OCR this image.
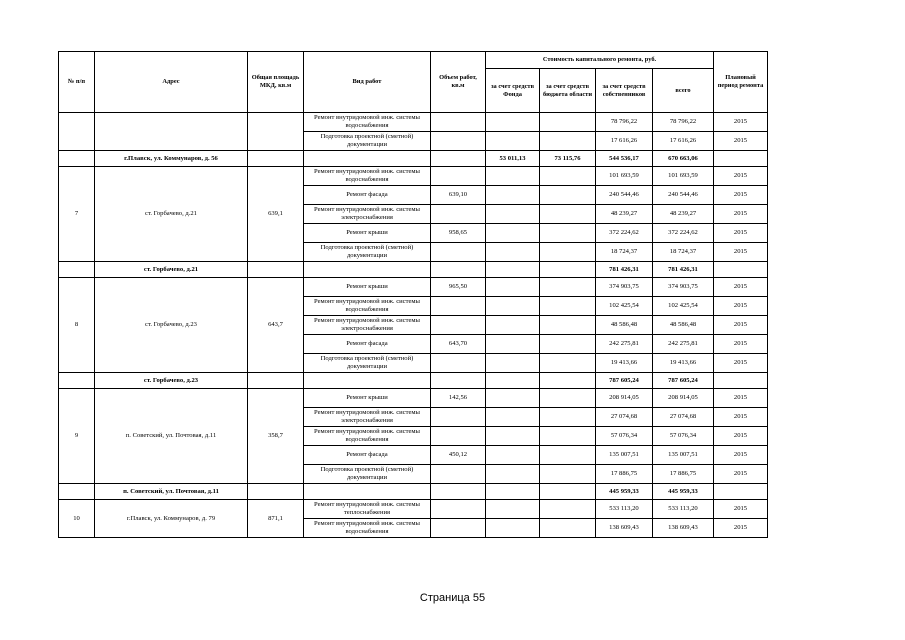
№ п/п	Адрес	Общая площадь МКД, кв.м	Вид работ	Объем работ, кв.м	Стоимость капитального ремонта, руб.				Плановый период ремонта
					за счет средств Фонда	за счет средств бюджета области	за счет средств собственников	всего	
			Ремонт внутридомовой инж. системы водоснабжения				78 796,22	78 796,22	2015
			Подготовка проектной (сметной) документации				17 616,26	17 616,26	2015
	г.Плавск, ул. Коммунаров, д. 56				53 011,13	73 115,76	544 536,17	670 663,06	
7	ст. Горбачево, д.21	639,1	Ремонт внутридомовой инж. системы водоснабжения				101 693,59	101 693,59	2015
			Ремонт фасада	639,10			240 544,46	240 544,46	2015
			Ремонт внутридомовой инж. системы электроснабжения				48 239,27	48 239,27	2015
			Ремонт крыши	958,65			372 224,62	372 224,62	2015
			Подготовка проектной (сметной) документации				18 724,37	18 724,37	2015
	ст. Горбачево, д.21						781 426,31	781 426,31	
8	ст. Горбачево, д.23	643,7	Ремонт крыши	965,50			374 903,75	374 903,75	2015
			Ремонт внутридомовой инж. системы водоснабжения				102 425,54	102 425,54	2015
			Ремонт внутридомовой инж. системы электроснабжения				48 586,48	48 586,48	2015
			Ремонт фасада	643,70			242 275,81	242 275,81	2015
			Подготовка проектной (сметной) документации				19 413,66	19 413,66	2015
	ст. Горбачево, д.23						787 605,24	787 605,24	
9	п. Советский, ул. Почтовая, д.11	358,7	Ремонт крыши	142,56			208 914,05	208 914,05	2015
			Ремонт внутридомовой инж. системы электроснабжения				27 074,68	27 074,68	2015
			Ремонт внутридомовой инж. системы водоснабжения				57 076,34	57 076,34	2015
			Ремонт фасада	450,12			135 007,51	135 007,51	2015
			Подготовка проектной (сметной) документации				17 886,75	17 886,75	2015
	п. Советский, ул. Почтовая, д.11						445 959,33	445 959,33	
10	г.Плавск, ул. Коммунаров, д. 79	871,1	Ремонт внутридомовой инж. системы теплоснабжения				533 113,20	533 113,20	2015
			Ремонт внутридомовой инж. системы водоснабжения				138 609,43	138 609,43	2015
Страница 55
